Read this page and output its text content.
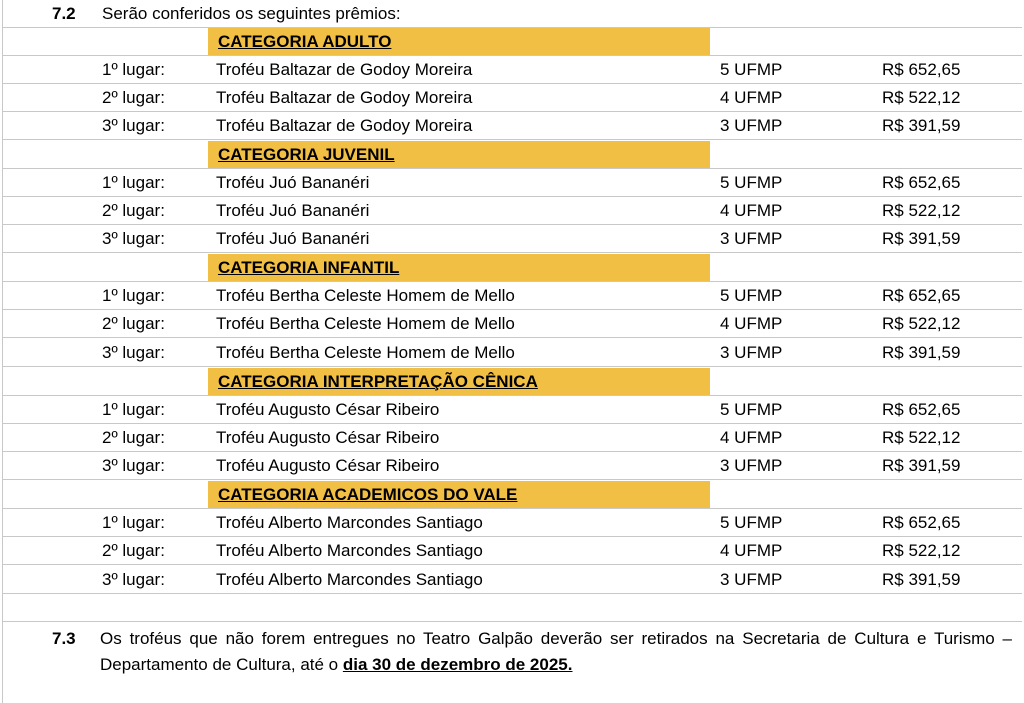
7.2 Serão conferidos os seguintes prêmios:
CATEGORIA ADULTO
1º lugar:	Troféu Baltazar de Godoy Moreira	5 UFMP	R$ 652,65
2º lugar:	Troféu Baltazar de Godoy Moreira	4 UFMP	R$ 522,12
3º lugar:	Troféu Baltazar de Godoy Moreira	3 UFMP	R$ 391,59
CATEGORIA JUVENIL
1º lugar:	Troféu Juó Bananéri	5 UFMP	R$ 652,65
2º lugar:	Troféu Juó Bananéri	4 UFMP	R$ 522,12
3º lugar:	Troféu Juó Bananéri	3 UFMP	R$ 391,59
CATEGORIA INFANTIL
1º lugar:	Troféu Bertha Celeste Homem de Mello	5 UFMP	R$ 652,65
2º lugar:	Troféu Bertha Celeste Homem de Mello	4 UFMP	R$ 522,12
3º lugar:	Troféu Bertha Celeste Homem de Mello	3 UFMP	R$ 391,59
CATEGORIA INTERPRETAÇÃO CÊNICA
1º lugar:	Troféu Augusto César Ribeiro	5 UFMP	R$ 652,65
2º lugar:	Troféu Augusto César Ribeiro	4 UFMP	R$ 522,12
3º lugar:	Troféu Augusto César Ribeiro	3 UFMP	R$ 391,59
CATEGORIA ACADEMICOS DO VALE
1º lugar:	Troféu Alberto Marcondes Santiago	5 UFMP	R$ 652,65
2º lugar:	Troféu Alberto Marcondes Santiago	4 UFMP	R$ 522,12
3º lugar:	Troféu Alberto Marcondes Santiago	3 UFMP	R$ 391,59
7.3 Os troféus que não forem entregues no Teatro Galpão deverão ser retirados na Secretaria de Cultura e Turismo – Departamento de Cultura, até o dia 30 de dezembro de 2025.
